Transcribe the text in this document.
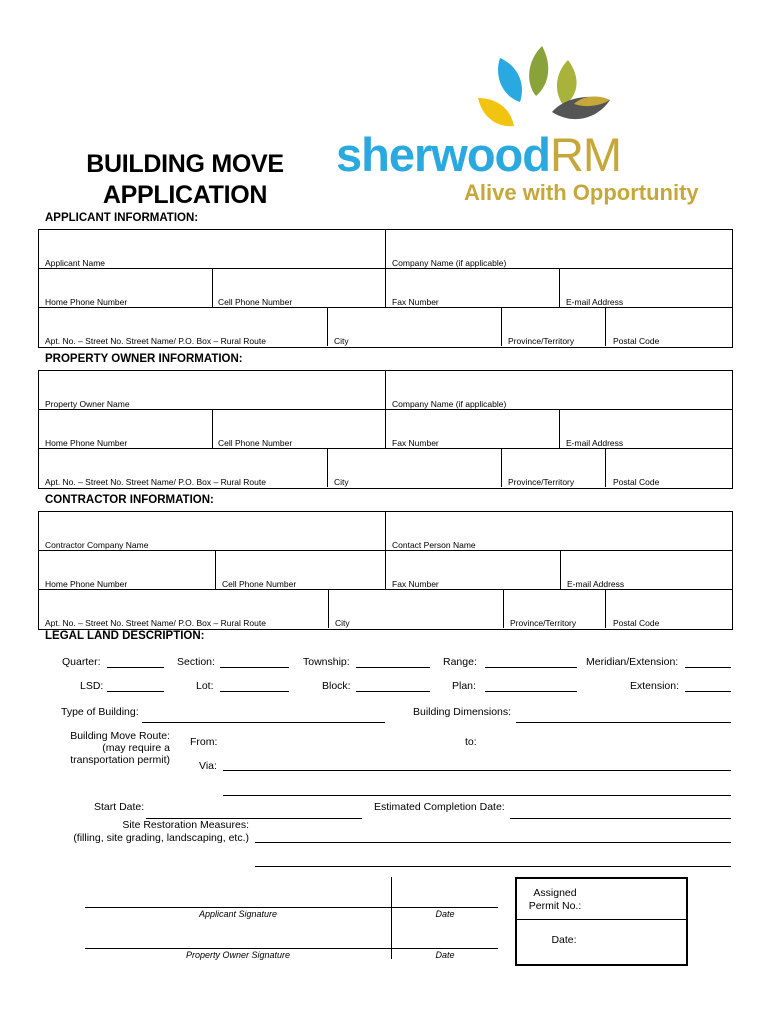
BUILDING MOVE
APPLICATION
sherwoodRM
Alive with Opportunity
APPLICANT INFORMATION:
Applicant Name	Company Name (if applicable)
Home Phone Number	Cell Phone Number	Fax Number	E-mail Address
Apt. No. – Street No. Street Name/ P.O. Box – Rural Route	City	Province/Territory	Postal Code
PROPERTY OWNER INFORMATION:
Property Owner Name	Company Name (if applicable)
Home Phone Number	Cell Phone Number	Fax Number	E-mail Address
Apt. No. – Street No. Street Name/ P.O. Box – Rural Route	City	Province/Territory	Postal Code
CONTRACTOR INFORMATION:
Contractor Company Name	Contact Person Name
Home Phone Number	Cell Phone Number	Fax Number	E-mail Address
Apt. No. – Street No. Street Name/ P.O. Box – Rural Route	City	Province/Territory	Postal Code
LEGAL LAND DESCRIPTION:
Quarter:	Section:	Township:	Range:	Meridian/Extension:
LSD:	Lot:	Block:	Plan:	Extension:
Type of Building:	Building Dimensions:
Building Move Route:
(may require a
transportation permit)
From:	to:
Via:
Start Date:	Estimated Completion Date:
Site Restoration Measures:
(filling, site grading, landscaping, etc.)
Applicant Signature	Date
Property Owner Signature	Date
Assigned
Permit No.:
Date:
